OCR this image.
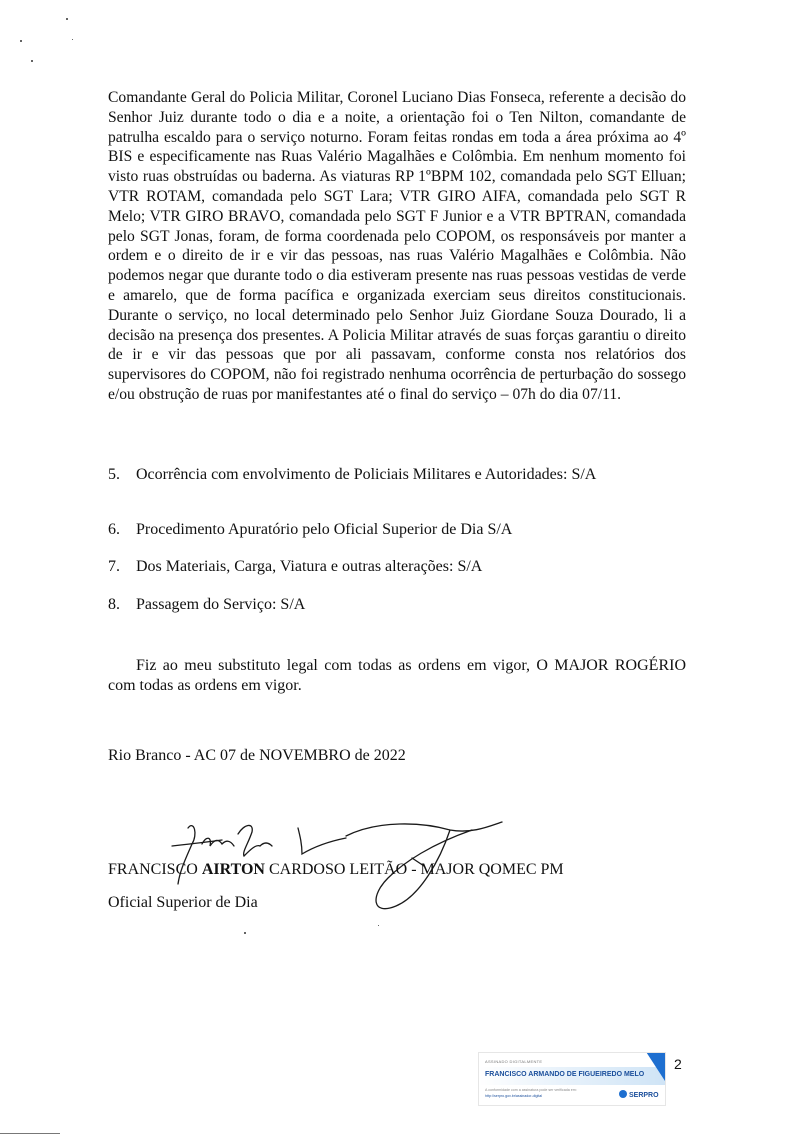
Comandante Geral do Policia Militar, Coronel Luciano Dias Fonseca, referente a decisão do Senhor Juiz durante todo o dia e a noite, a orientação foi o Ten Nilton, comandante de patrulha escaldo para o serviço noturno. Foram feitas rondas em toda a área próxima ao 4º BIS e especificamente nas Ruas Valério Magalhães e Colômbia. Em nenhum momento foi visto ruas obstruídas ou baderna. As viaturas RP 1ºBPM 102, comandada pelo SGT Elluan; VTR ROTAM, comandada pelo SGT Lara; VTR GIRO AIFA, comandada pelo SGT R Melo; VTR GIRO BRAVO, comandada pelo SGT F Junior e a VTR BPTRAN, comandada pelo SGT Jonas, foram, de forma coordenada pelo COPOM, os responsáveis por manter a ordem e o direito de ir e vir das pessoas, nas ruas Valério Magalhães e Colômbia. Não podemos negar que durante todo o dia estiveram presente nas ruas pessoas vestidas de verde e amarelo, que de forma pacífica e organizada exerciam seus direitos constitucionais. Durante o serviço, no local determinado pelo Senhor Juiz Giordane Souza Dourado, li a decisão na presença dos presentes. A Policia Militar através de suas forças garantiu o direito de ir e vir das pessoas que por ali passavam, conforme consta nos relatórios dos supervisores do COPOM, não foi registrado nenhuma ocorrência de perturbação do sossego e/ou obstrução de ruas por manifestantes até o final do serviço – 07h do dia 07/11.

5. Ocorrência com envolvimento de Policiais Militares e Autoridades: S/A
6. Procedimento Apuratório pelo Oficial Superior de Dia S/A
7. Dos Materiais, Carga, Viatura e outras alterações: S/A
8. Passagem do Serviço: S/A

Fiz ao meu substituto legal com todas as ordens em vigor, O MAJOR ROGÉRIO com todas as ordens em vigor.

Rio Branco - AC 07 de NOVEMBRO de 2022
FRANCISCO AIRTON CARDOSO LEITÃO - MAJOR QOMEC PM
Oficial Superior de Dia
ASSINADO DIGITALMENTE
FRANCISCO ARMANDO DE FIGUEIREDO MELO
A conformidade com a assinatura pode ser verificada em:
http://serpro.gov.br/assinador-digital	SERPRO
2
